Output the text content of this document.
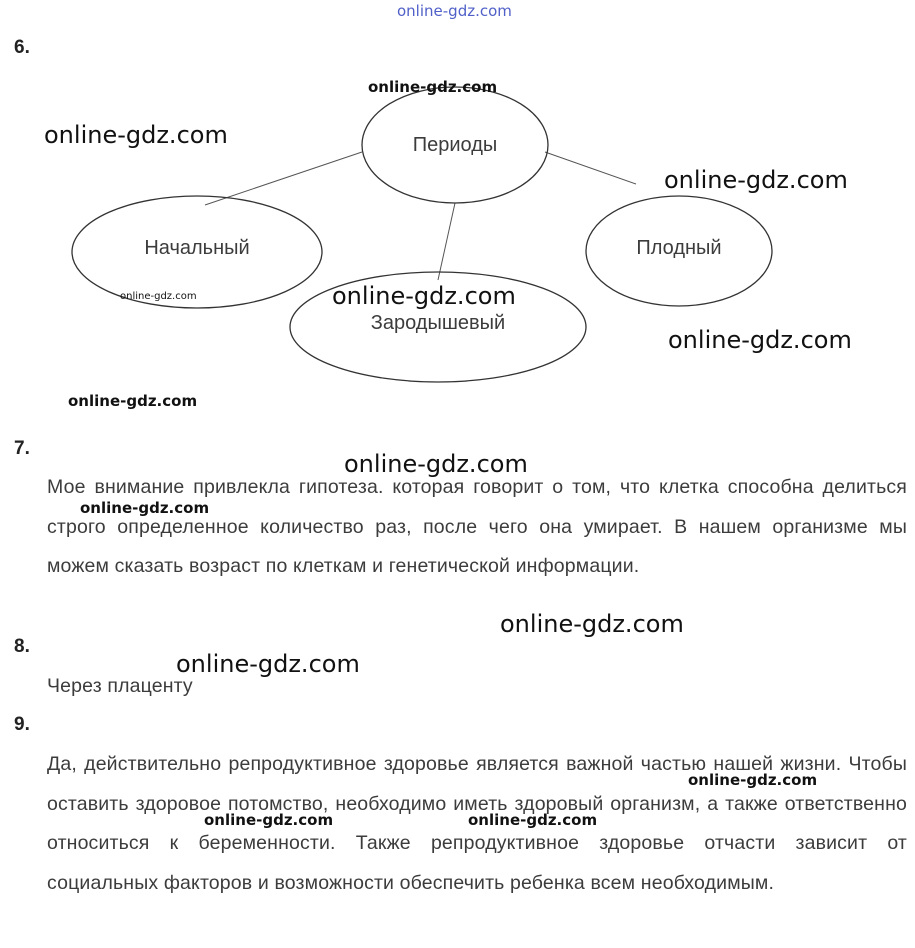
online-gdz.com
6.
Периоды
Начальный
Зародышевый
Плодный
7.
Мое внимание привлекла гипотеза. которая говорит о том, что клетка способна делиться строго определенное количество раз, после чего она умирает. В нашем организме мы можем сказать возраст по клеткам и генетической информации.
8.
Через плаценту
9.
Да, действительно репродуктивное здоровье является важной частью нашей жизни. Чтобы оставить здоровое потомство, необходимо иметь здоровый организм, а также ответственно относиться к беременности. Также репродуктивное здоровье отчасти зависит от социальных факторов и возможности обеспечить ребенка всем необходимым.
online-gdz.com
online-gdz.com
online-gdz.com
online-gdz.com	online-gdz.com
online-gdz.com
online-gdz.com
online-gdz.com
online-gdz.com
online-gdz.com
online-gdz.com
online-gdz.com
online-gdz.com	online-gdz.com
